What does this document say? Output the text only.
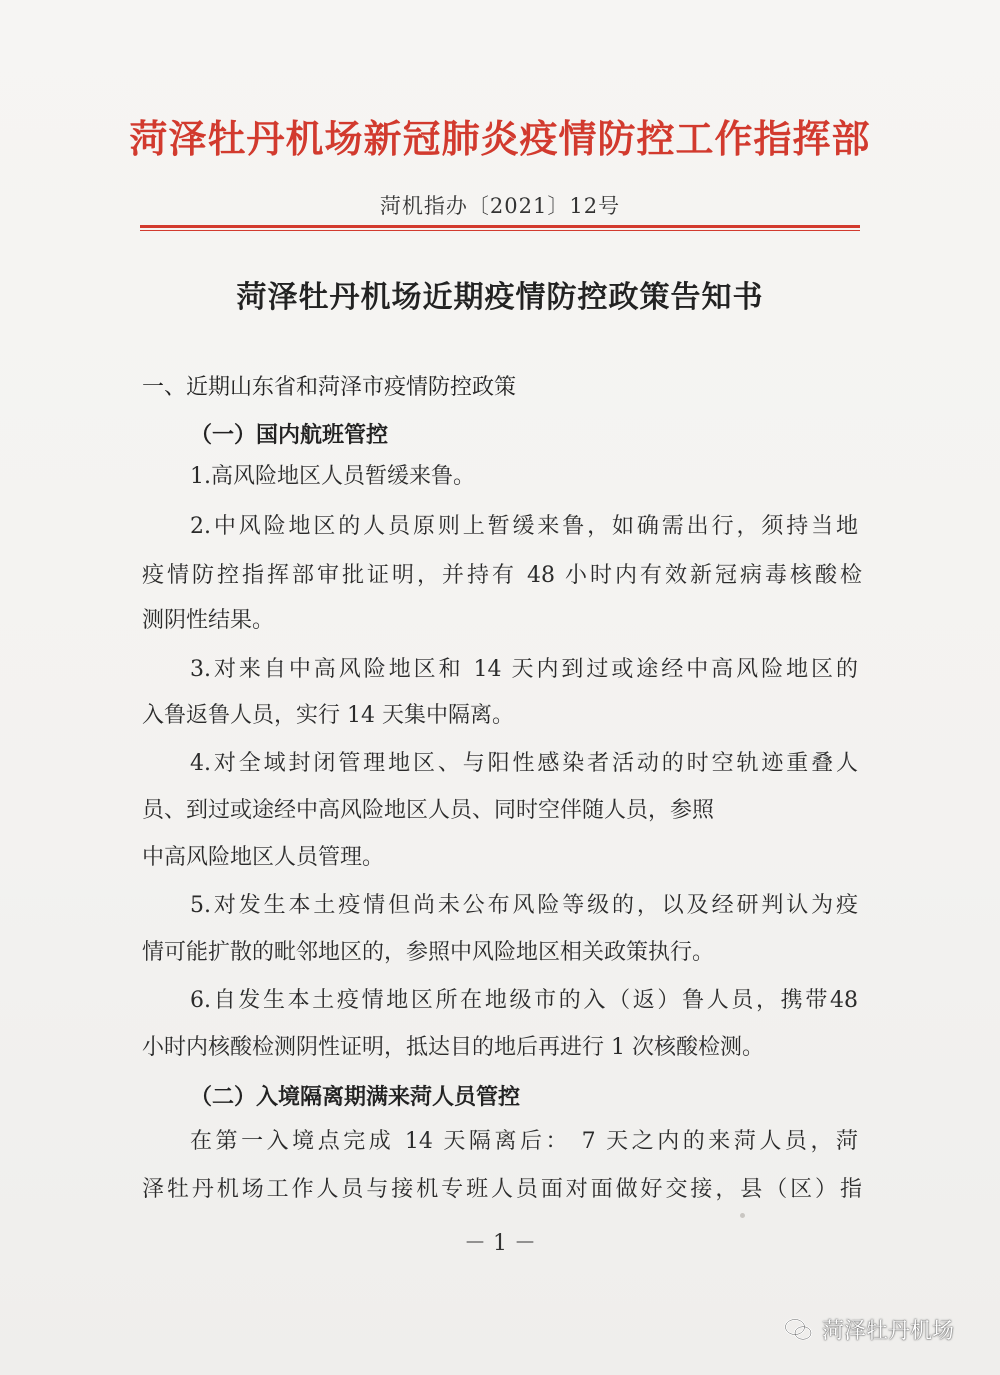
菏泽牡丹机场新冠肺炎疫情防控工作指挥部
菏机指办〔2021〕12号
菏泽牡丹机场近期疫情防控政策告知书
一、近期山东省和菏泽市疫情防控政策
（一）国内航班管控
1.高风险地区人员暂缓来鲁。
2.中风险地区的人员原则上暂缓来鲁，如确需出行，须持当地
疫情防控指挥部审批证明，并持有 48 小时内有效新冠病毒核酸检
测阴性结果。
3.对来自中高风险地区和 14 天内到过或途经中高风险地区的
入鲁返鲁人员，实行 14 天集中隔离。
4.对全域封闭管理地区、与阳性感染者活动的时空轨迹重叠人
员、到过或途经中高风险地区人员、同时空伴随人员，参照
中高风险地区人员管理。
5.对发生本土疫情但尚未公布风险等级的，以及经研判认为疫
情可能扩散的毗邻地区的，参照中风险地区相关政策执行。
6.自发生本土疫情地区所在地级市的入（返）鲁人员，携带48
小时内核酸检测阴性证明，抵达目的地后再进行 1 次核酸检测。
（二）入境隔离期满来菏人员管控
在第一入境点完成 14 天隔离后： 7 天之内的来菏人员，菏
泽牡丹机场工作人员与接机专班人员面对面做好交接，县（区）指
－ 1 －
菏泽牡丹机场
